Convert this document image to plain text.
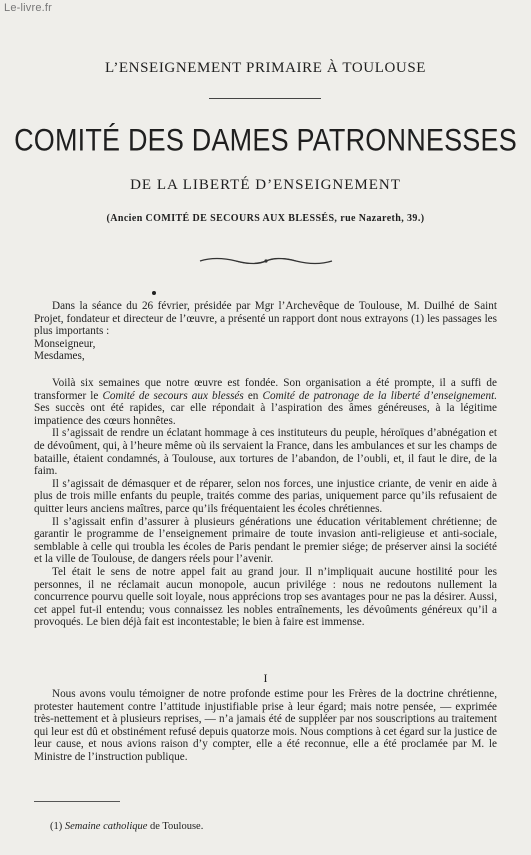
Le-livre.fr
L’ENSEIGNEMENT PRIMAIRE À TOULOUSE
COMITÉ DES DAMES PATRONNESSES
DE LA LIBERTÉ D’ENSEIGNEMENT
(Ancien COMITÉ DE SECOURS AUX BLESSÉS, rue Nazareth, 39.)

Dans la séance du 26 février, présidée par Mgr l’Archevêque de Toulouse, M. Duilhé de Saint Projet, fondateur et directeur de l’œuvre, a présenté un rapport dont nous extrayons (1) les passages les plus importants :

Monseigneur,

Mesdames,

Voilà six semaines que notre œuvre est fondée. Son organisation a été prompte, il a suffi de transformer le Comité de secours aux blessés en Comité de patronage de la liberté d’enseignement. Ses succès ont été rapides, car elle répondait à l’aspiration des âmes généreuses, à la légitime impatience des cœurs honnêtes.

Il s’agissait de rendre un éclatant hommage à ces instituteurs du peuple, héroïques d’abnégation et de dévoûment, qui, à l’heure même où ils servaient la France, dans les ambulances et sur les champs de bataille, étaient condamnés, à Toulouse, aux tortures de l’abandon, de l’oubli, et, il faut le dire, de la faim.

Il s’agissait de démasquer et de réparer, selon nos forces, une injustice criante, de venir en aide à plus de trois mille enfants du peuple, traités comme des parias, uniquement parce qu’ils refusaient de quitter leurs anciens maîtres, parce qu’ils fréquentaient les écoles chrétiennes.

Il s’agissait enfin d’assurer à plusieurs générations une éducation véritablement chrétienne; de garantir le programme de l’enseignement primaire de toute invasion anti-religieuse et anti-sociale, semblable à celle qui troubla les écoles de Paris pendant le premier siége; de préserver ainsi la société et la ville de Toulouse, de dangers réels pour l’avenir.

Tel était le sens de notre appel fait au grand jour. Il n’impliquait aucune hostilité pour les personnes, il ne réclamait aucun monopole, aucun privilége : nous ne redoutons nullement la concurrence pourvu quelle soit loyale, nous apprécions trop ses avantages pour ne pas la désirer. Aussi, cet appel fut-il entendu; vous connaissez les nobles entraînements, les dévoûments généreux qu’il a provoqués. Le bien déjà fait est incontestable; le bien à faire est immense.

I

Nous avons voulu témoigner de notre profonde estime pour les Frères de la doctrine chrétienne, protester hautement contre l’attitude injustifiable prise à leur égard; mais notre pensée, — exprimée très-nettement et à plusieurs reprises, — n’a jamais été de suppléer par nos souscriptions au traitement qui leur est dû et obstinément refusé depuis quatorze mois. Nous comptions à cet égard sur la justice de leur cause, et nous avions raison d’y compter, elle a été reconnue, elle a été proclamée par M. le Ministre de l’instruction publique.

(1) Semaine catholique de Toulouse.
